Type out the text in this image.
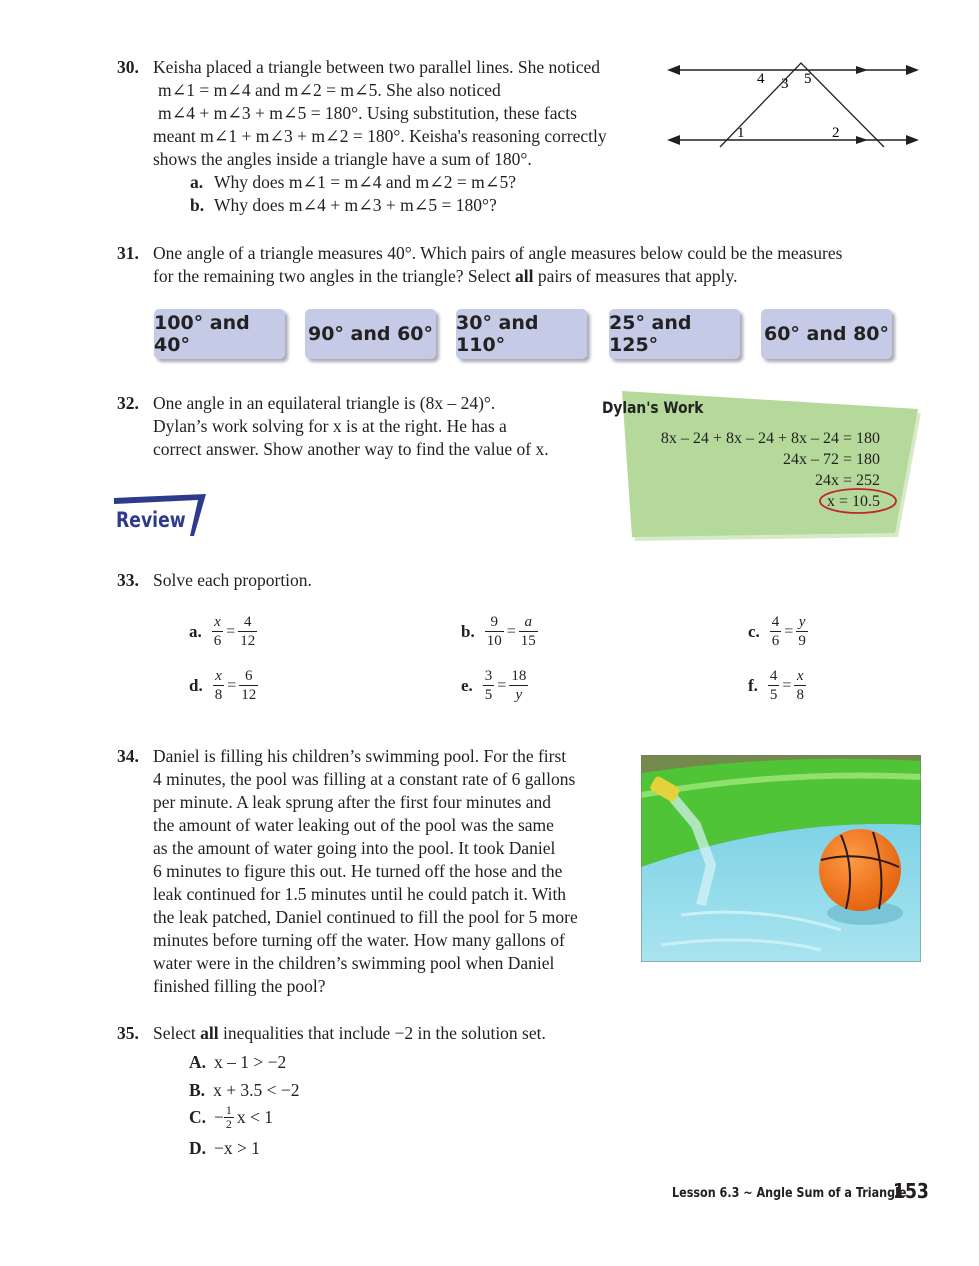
30. Keisha placed a triangle between two parallel lines. She noticed
m∠1 = m∠4 and m∠2 = m∠5. She also noticed
m∠4 + m∠3 + m∠5 = 180°. Using substitution, these facts
meant m∠1 + m∠3 + m∠2 = 180°. Keisha's reasoning correctly
shows the angles inside a triangle have a sum of 180°.
a. Why does m∠1 = m∠4 and m∠2 = m∠5?
b. Why does m∠4 + m∠3 + m∠5 = 180°?
4 3 5
1	2
31. One angle of a triangle measures 40°. Which pairs of angle measures below could be the measures
for the remaining two angles in the triangle? Select all pairs of measures that apply.
100° and 40°	90° and 60° 30° and 110°
25° and 125°	60° and 80°
32. One angle in an equilateral triangle is (8x – 24)°.
Dylan’s work solving for x is at the right. He has a
correct answer. Show another way to find the value of x.
Dylan's Work
8x – 24 + 8x – 24 + 8x – 24 = 180
24x – 72 = 180
24x = 252
x = 10.5
Review
33. Solve each proportion.
a. $\frac{x}{6} = \frac{4}{12}$	b. $\frac{9}{10} = \frac{a}{15}$	c. $\frac{4}{6} = \frac{y}{9}$
d. $\frac{x}{8} = \frac{6}{12}$	e. $\frac{3}{5} = \frac{18}{y}$	f. $\frac{4}{5} = \frac{x}{8}$
34. Daniel is filling his children’s swimming pool. For the first
4 minutes, the pool was filling at a constant rate of 6 gallons
per minute. A leak sprung after the first four minutes and
the amount of water leaking out of the pool was the same
as the amount of water going into the pool. It took Daniel
6 minutes to figure this out. He turned off the hose and the
leak continued for 1.5 minutes until he could patch it. With
the leak patched, Daniel continued to fill the pool for 5 more
minutes before turning off the water. How many gallons of
water were in the children’s swimming pool when Daniel
finished filling the pool?
35. Select all inequalities that include −2 in the solution set.
A. x – 1 > −2
B. x + 3.5 < −2
C. − $\frac{1}{2}$ x < 1
D. −x > 1
Lesson 6.3 ~ Angle Sum of a Triangle
153
